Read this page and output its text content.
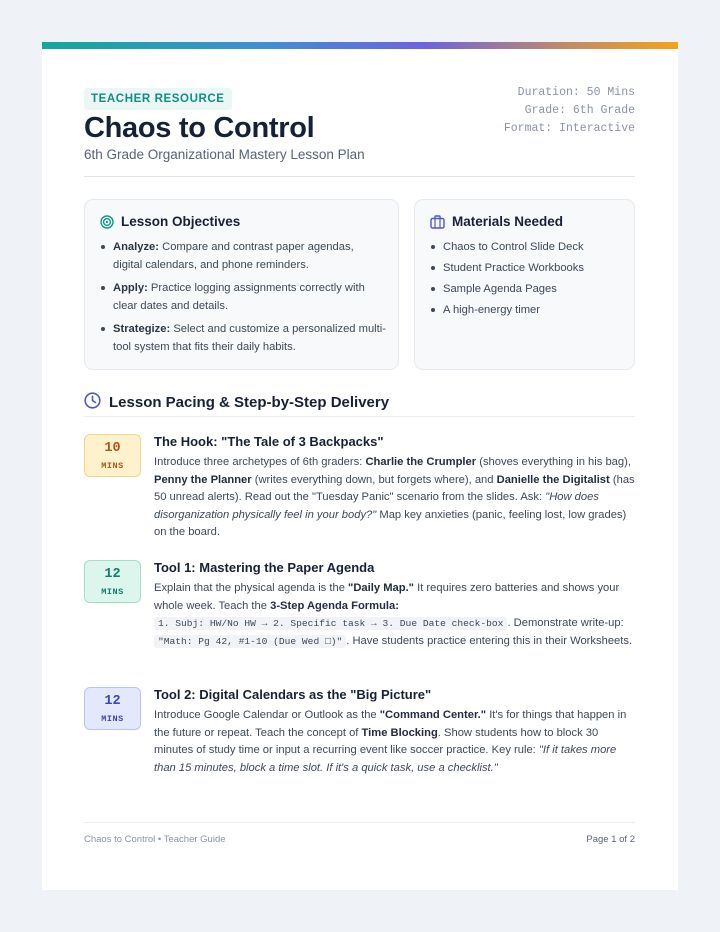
TEACHER RESOURCE
Chaos to Control
6th Grade Organizational Mastery Lesson Plan
Duration: 50 Mins
Grade: 6th Grade
Format: Interactive
Lesson Objectives
Analyze: Compare and contrast paper agendas, digital calendars, and phone reminders.
Apply: Practice logging assignments correctly with clear dates and details.
Strategize: Select and customize a personalized multi-tool system that fits their daily habits.
Materials Needed
Chaos to Control Slide Deck
Student Practice Workbooks
Sample Agenda Pages
A high-energy timer
Lesson Pacing & Step-by-Step Delivery
10
MINS
The Hook: "The Tale of 3 Backpacks"
Introduce three archetypes of 6th graders: Charlie the Crumpler (shoves everything in his bag), Penny the Planner (writes everything down, but forgets where), and Danielle the Digitalist (has 50 unread alerts). Read out the "Tuesday Panic" scenario from the slides. Ask: "How does disorganization physically feel in your body?" Map key anxieties (panic, feeling lost, low grades) on the board.
12
MINS
Tool 1: Mastering the Paper Agenda
Explain that the physical agenda is the "Daily Map." It requires zero batteries and shows your whole week. Teach the 3-Step Agenda Formula:
1. Subj: HW/No HW → 2. Specific task → 3. Due Date check-box . Demonstrate write-up: "Math: Pg 42, #1-10 (Due Wed □)" . Have students practice entering this in their Worksheets.
12
MINS
Tool 2: Digital Calendars as the "Big Picture"
Introduce Google Calendar or Outlook as the "Command Center." It's for things that happen in the future or repeat. Teach the concept of Time Blocking. Show students how to block 30 minutes of study time or input a recurring event like soccer practice. Key rule: "If it takes more than 15 minutes, block a time slot. If it's a quick task, use a checklist."
Chaos to Control • Teacher Guide	Page 1 of 2
